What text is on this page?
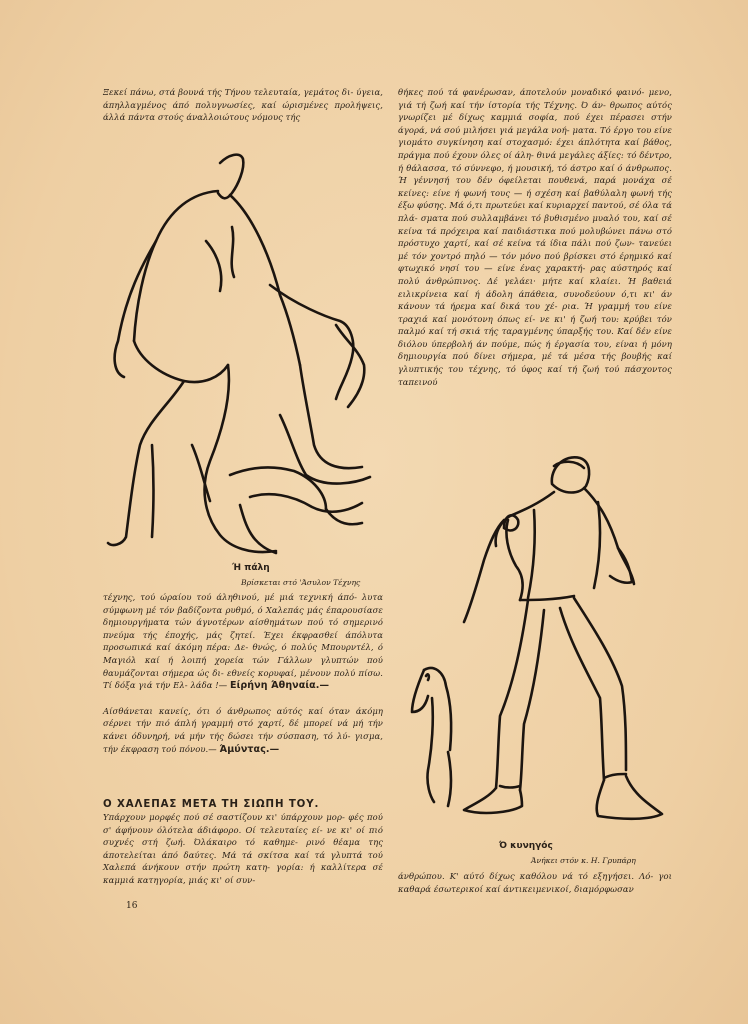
Ξεκεί πάνω, στά βουνά τής Τήνου τελευταία, γεμάτος δι- ύγεια, άπηλλαγμένος άπό πολυγνωσίες, καί ώρισμένες προλήψεις, άλλά πάντα στούς άναλλοιώτους νόμους τής

Ή πάλη
Βρίσκεται στό 'Άσυλον Τέχνης

τέχνης, τού ώραίου τού άληθινού, μέ μιά τεχνική άπό- λυτα σύμφωνη μέ τόν βαδίζοντα ρυθμό, ό Χαλεπάς μάς έπαρουσίασε δημιουργήματα τών άγνοτέρων αίσθημάτων πού τό σημερινό πνεύμα τής έποχής, μάς ζητεί. Έχει έκφρασθεί άπόλυτα προσωπικά καί άκόμη πέρα: Δε- θνώς, ό πολύς Μπουρντέλ, ό Μαγιόλ καί ή λοιπή χορεία τών Γάλλων γλυπτών πού θαυμάζονται σήμερα ώς δι- εθνείς κορυφαί, μένουν πολύ πίσω. Τί δόξα γιά τήν Ελ- λάδα !— Είρήνη Άθηναία.—

Αίσθάνεται κανείς, ότι ό άνθρωπος αύτός καί όταν άκόμη σέρνει τήν πιό άπλή γραμμή στό χαρτί, δέ μπορεί νά μή τήν κάνει όδυνηρή, νά μήν τής δώσει τήν σύσπαση, τό λύ- γισμα, τήν έκφραση τού πόνου.— Άμύντας.—

Ο ΧΑΛΕΠΑΣ ΜΕΤΑ ΤΗ ΣΙΩΠΗ ΤΟΥ.

Υπάρχουν μορφές πού σέ σαστίζουν κι' ύπάρχουν μορ- φές πού σ' άφήνουν όλότελα άδιάφορο. Οί τελευταίες εί- νε κι' οί πιό συχνές στή ζωή. Όλάκαιρο τό καθημε- ρινό θέαμα της άποτελείται άπό δαύτες. Μά τά σκίτσα καί τά γλυπτά τού Χαλεπά άνήκουν στήν πρώτη κατη- γορία: ή καλλίτερα σέ καμμιά κατηγορία, μιάς κι' οί συν-

16

θήκες πού τά φανέρωσαν, άποτελούν μοναδικό φαινό- μενο, γιά τή ζωή καί τήν ίστορία τής Τέχνης. Ό άν- θρωπος αύτός γνωρίζει μέ δίχως καμμιά σοφία, πού έχει πέρασει στήν άγορά, νά σού μιλήσει γιά μεγάλα νοή- ματα. Τό έργο του είνε γιομάτο συγκίνηση καί στοχασμό: έχει άπλότητα καί βάθος, πράγμα πού έχουν όλες οί άλη- θινά μεγάλες άξίες: τό δέντρο, ή θάλασσα, τό σύννεφο, ή μουσική, τό άστρο καί ό άνθρωπος. Ή γέννησή του δέν όφείλεται πουθενά, παρά μονάχα σέ κείνες: είνε ή φωνή τους — ή σχέση καί βαθύλαλη φωνή τής έξω φύσης. Μά ό,τι πρωτεύει καί κυριαρχεί παντού, σέ όλα τά πλά- σματα πού συλλαμβάνει τό βυθισμένο μυαλό του, καί σέ κείνα τά πρόχειρα καί παιδιάστικα πού μολυβώνει πάνω στό πρόστυχο χαρτί, καί σέ κείνα τά ίδια πάλι πού ζων- τανεύει μέ τόν χοντρό πηλό — τόν μόνο πού βρίσκει στό έρημικό καί φτωχικό νησί του — είνε ένας χαρακτή- ρας αύστηρός καί πολύ άνθρώπινος. Δέ γελάει· μήτε καί κλαίει. Ή βαθειά ειλικρίνεια καί ή άδολη άπάθεια, συνοδεύουν ό,τι κι' άν κάνουν τά ήρεμα καί δικά του χέ- ρια. Ή γραμμή του είνε τραχιά καί μονότονη όπως εί- νε κι' ή ζωή του: κρύβει τόν παλμό καί τή σκιά τής ταραγμένης ύπαρξής του. Καί δέν είνε διόλου ύπερβολή άν πούμε, πώς ή έργασία του, είναι ή μόνη δημιουργία πού δίνει σήμερα, μέ τά μέσα τής βουβής καί γλυπτικής του τέχνης, τό ύφος καί τή ζωή τού πάσχοντος ταπεινού

Ό κυνηγός
Άνήκει στόν κ. Η. Γρυπάρη

άνθρώπου. Κ' αύτό δίχως καθόλου νά τό εξηγήσει. Λό- γοι καθαρά έσωτερικοί καί άντικειμενικοί, διαμόρφωσαν
